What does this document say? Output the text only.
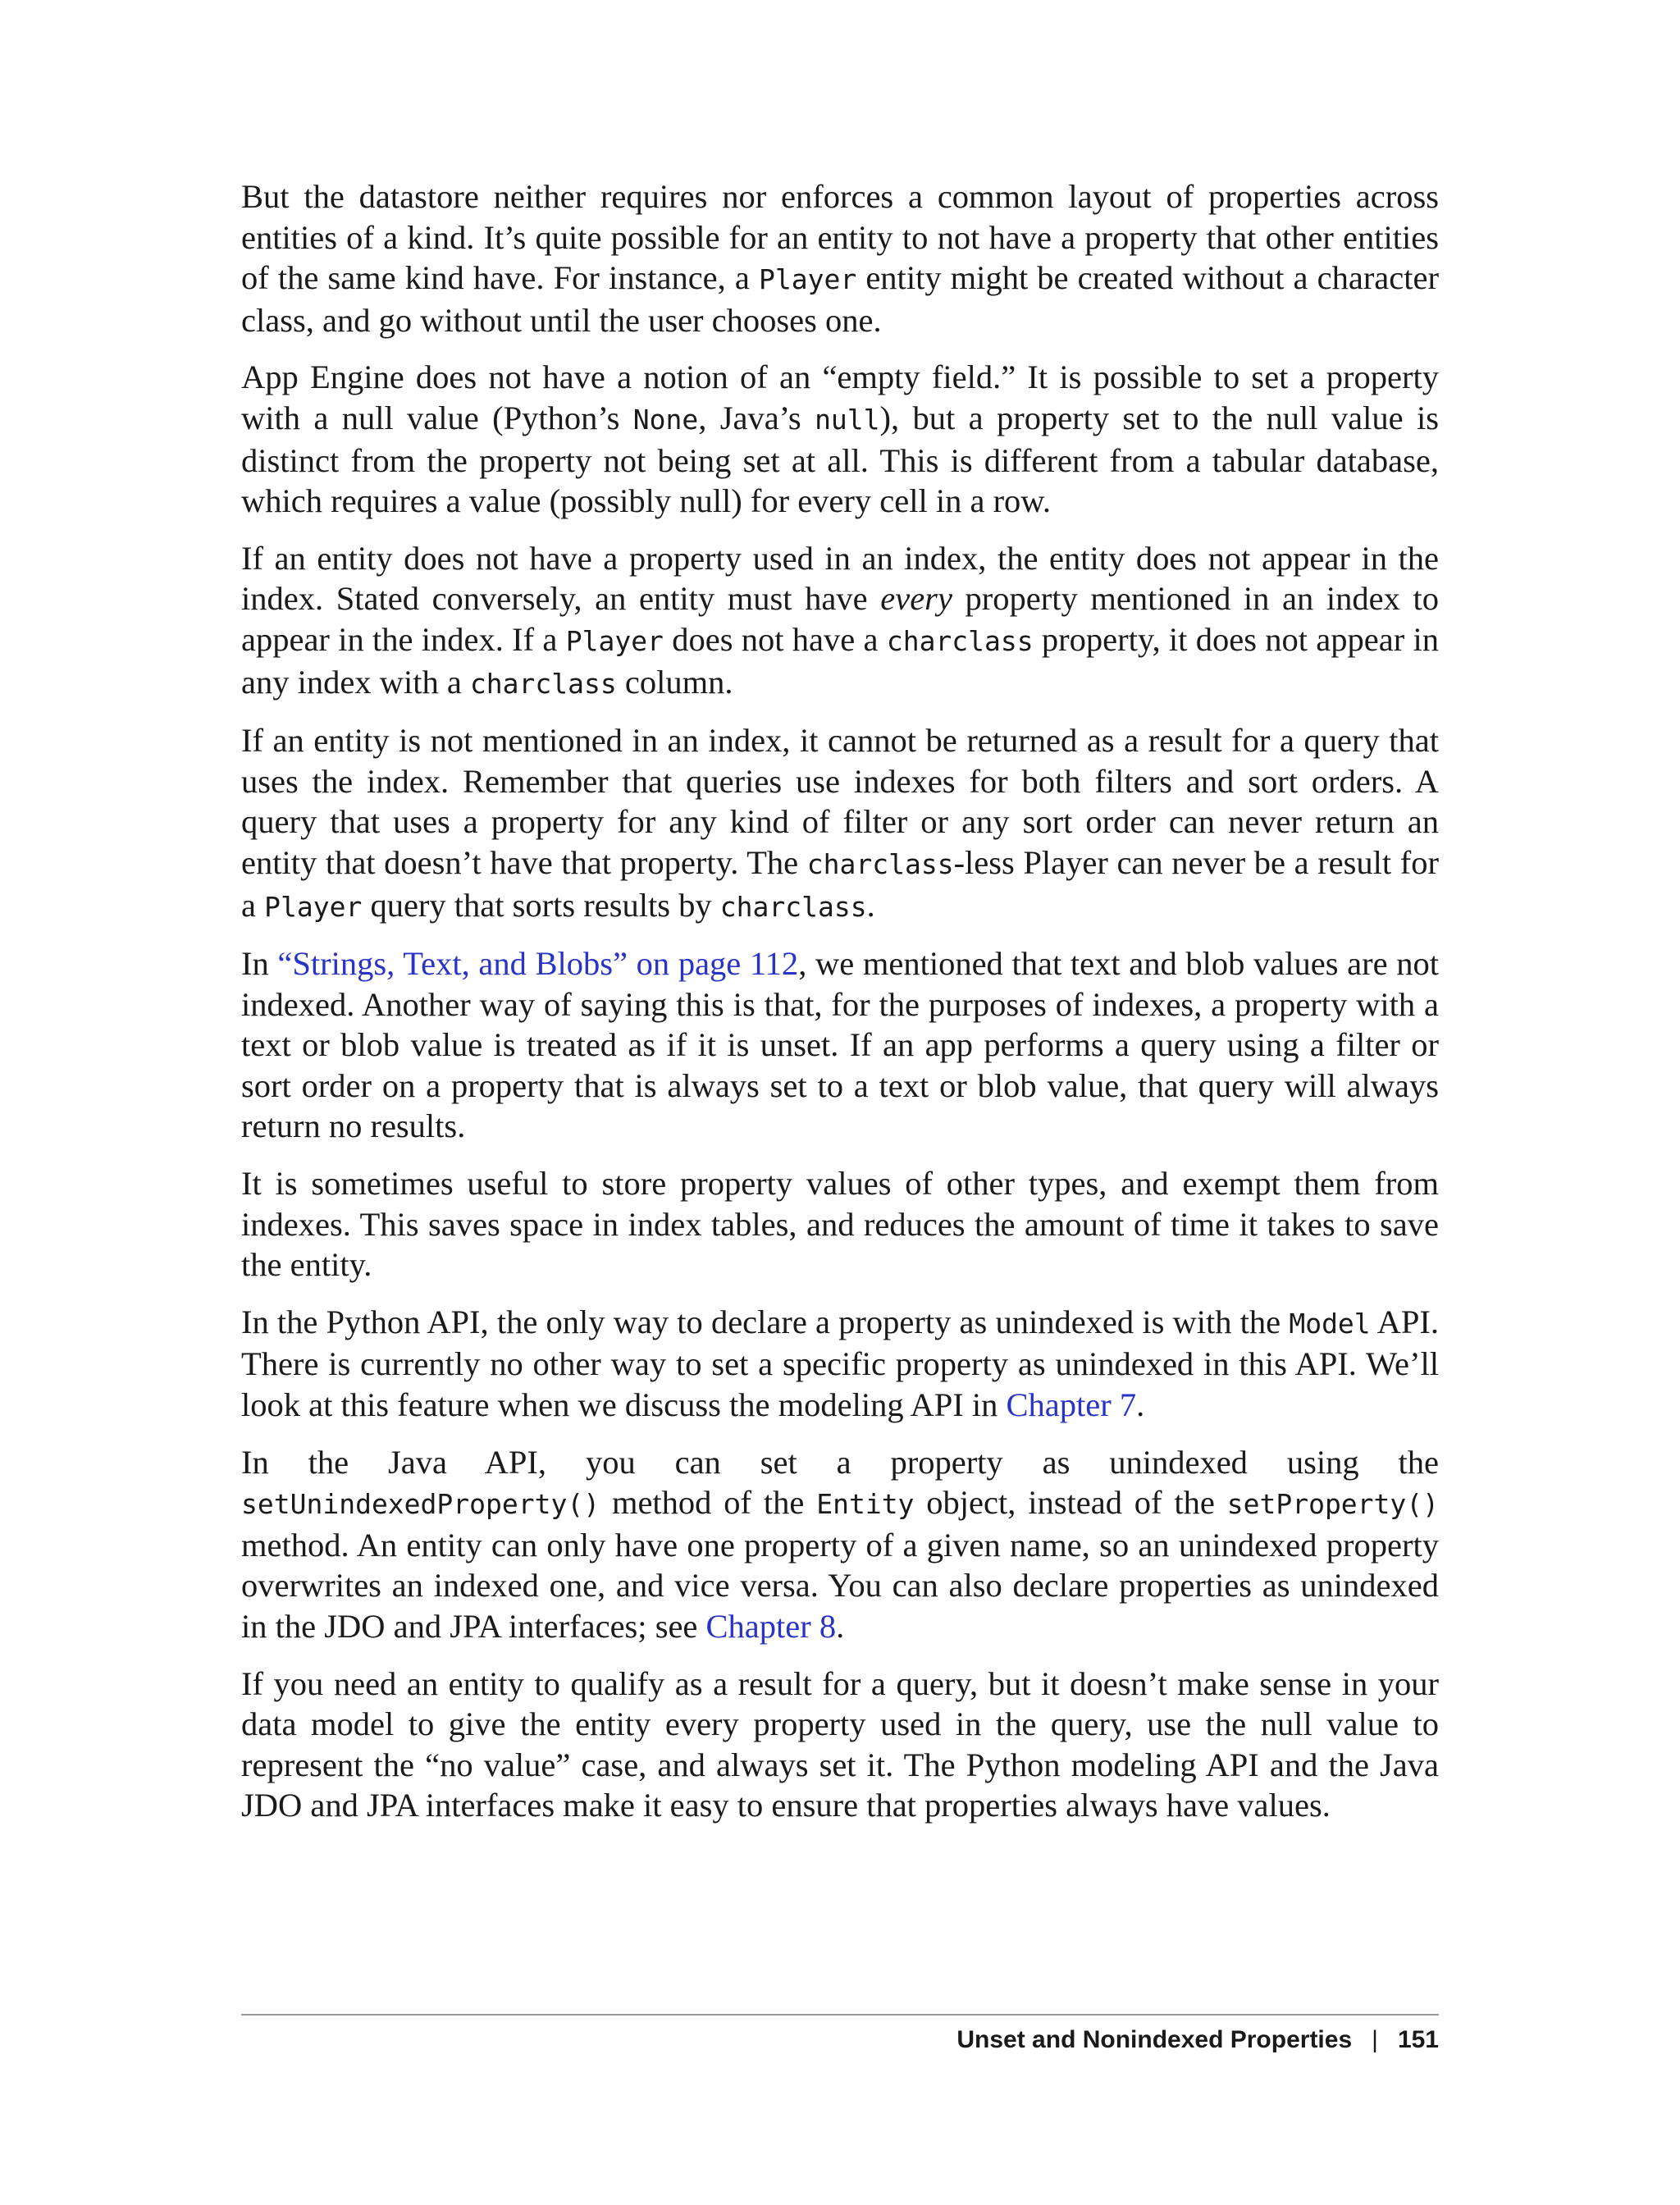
But the datastore neither requires nor enforces a common layout of properties across entities of a kind. It’s quite possible for an entity to not have a property that other entities of the same kind have. For instance, a Player entity might be created without a character class, and go without until the user chooses one.

App Engine does not have a notion of an “empty field.” It is possible to set a property with a null value (Python’s None, Java’s null), but a property set to the null value is distinct from the property not being set at all. This is different from a tabular database, which requires a value (possibly null) for every cell in a row.

If an entity does not have a property used in an index, the entity does not appear in the index. Stated conversely, an entity must have every property mentioned in an index to appear in the index. If a Player does not have a charclass property, it does not appear in any index with a charclass column.

If an entity is not mentioned in an index, it cannot be returned as a result for a query that uses the index. Remember that queries use indexes for both filters and sort orders. A query that uses a property for any kind of filter or any sort order can never return an entity that doesn’t have that property. The charclass-less Player can never be a result for a Player query that sorts results by charclass.

In “Strings, Text, and Blobs” on page 112, we mentioned that text and blob values are not indexed. Another way of saying this is that, for the purposes of indexes, a property with a text or blob value is treated as if it is unset. If an app performs a query using a filter or sort order on a property that is always set to a text or blob value, that query will always return no results.

It is sometimes useful to store property values of other types, and exempt them from indexes. This saves space in index tables, and reduces the amount of time it takes to save the entity.

In the Python API, the only way to declare a property as unindexed is with the Model API. There is currently no other way to set a specific property as unindexed in this API. We’ll look at this feature when we discuss the modeling API in Chapter 7.

In the Java API, you can set a property as unindexed using the
setUnindexedProperty() method of the Entity object, instead of the setProperty() method. An entity can only have one property of a given name, so an unindexed property overwrites an indexed one, and vice versa. You can also declare properties as unindexed in the JDO and JPA interfaces; see Chapter 8.

If you need an entity to qualify as a result for a query, but it doesn’t make sense in your data model to give the entity every property used in the query, use the null value to represent the “no value” case, and always set it. The Python modeling API and the Java JDO and JPA interfaces make it easy to ensure that properties always have values.

Unset and Nonindexed Properties | 151
